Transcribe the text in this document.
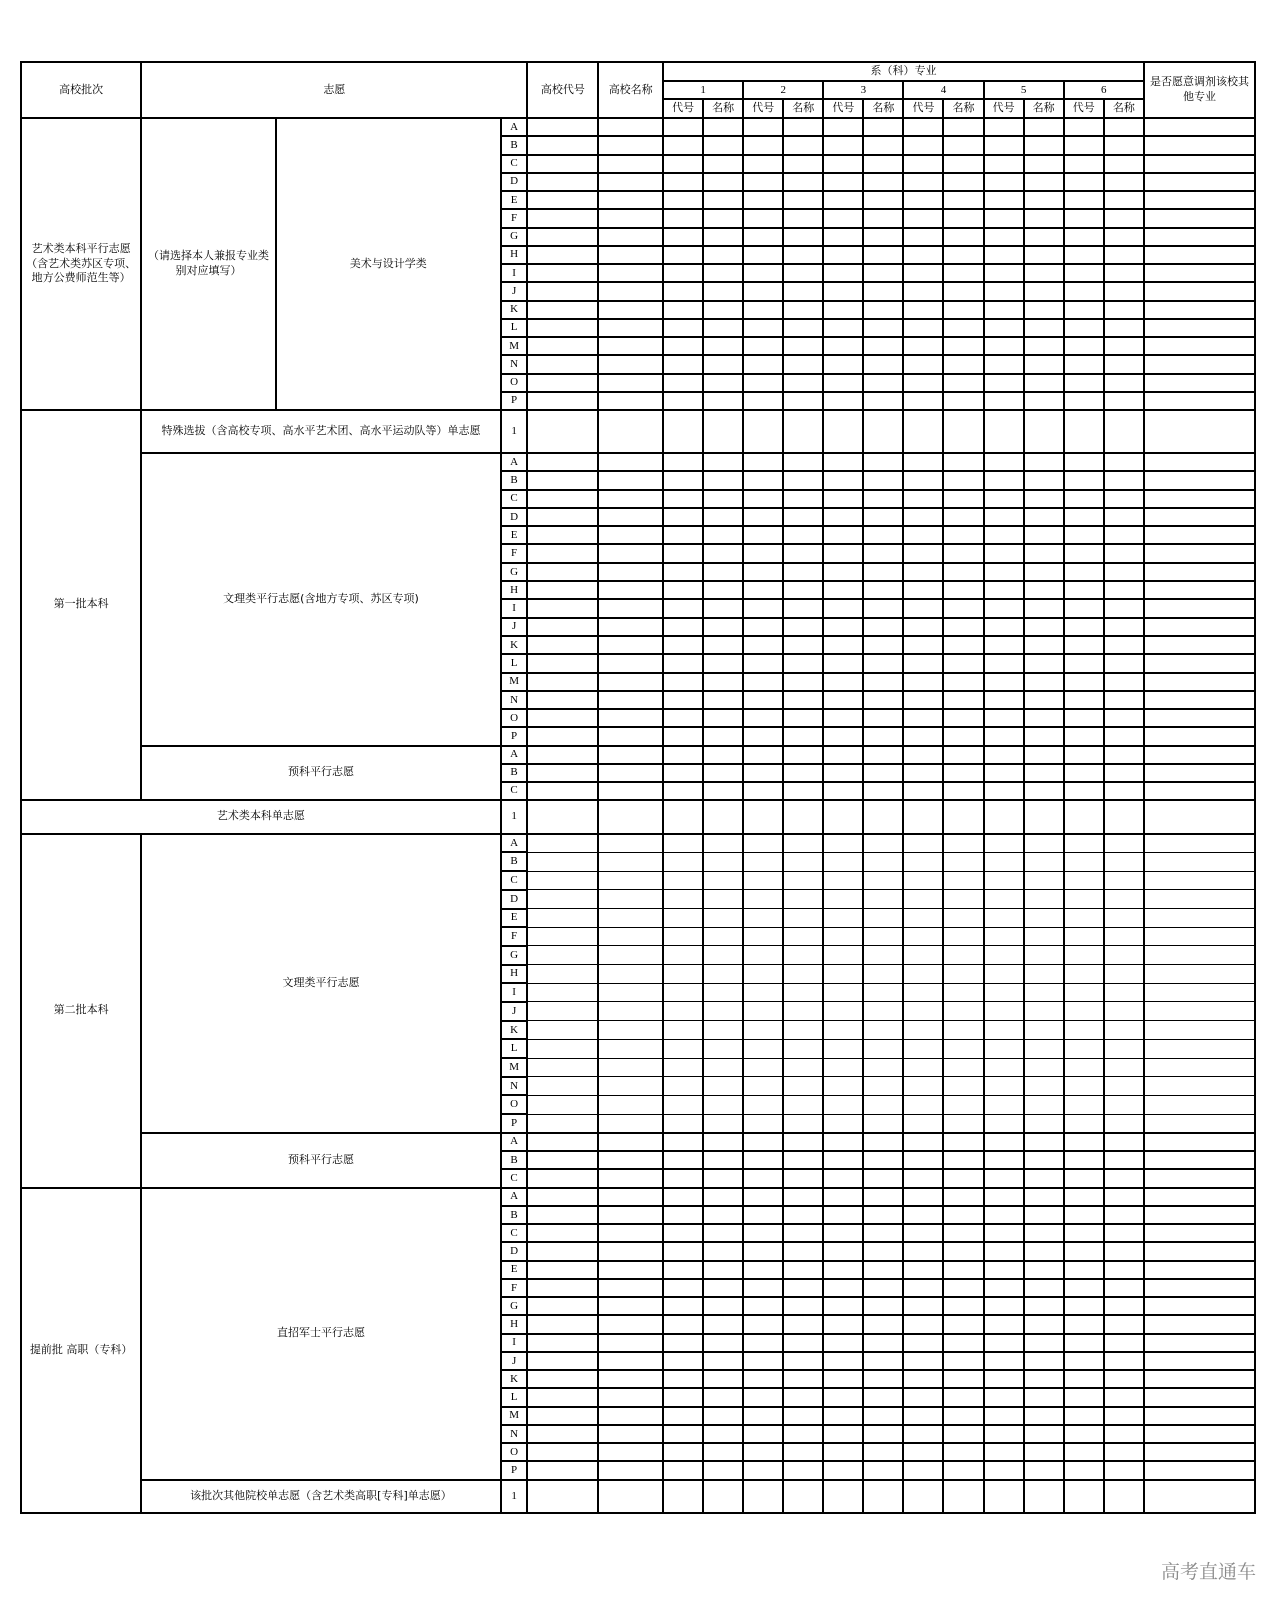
高校批次	志愿			高校代号	高校名称	系（科）专业												是否愿意调剂该校其他专业

						1		2		3		4		5		6		
						代号	名称	代号	名称	代号	名称	代号	名称	代号	名称	代号	名称	

艺术类本科平行志愿（含艺术类苏区专项、地方公费师范生等）	（请选择本人兼报专业类别对应填写）	美术与设计学类	A															
			B															
			C															
			D															
			E															
			F															
			G															
			H															
			I															
			J															
			K															
			L															
			M															
			N															
			O															
			P															

第一批本科	特殊选拔（含高校专项、高水平艺术团、高水平运动队等）单志愿		1															

	文理类平行志愿(含地方专项、苏区专项)		A															
			B															
			C															
			D															
			E															
			F															
			G															
			H															
			I															
			J															
			K															
			L															
			M															
			N															
			O															
			P															

	预科平行志愿		A															
			B															
			C															

艺术类本科单志愿			1															

第二批本科	文理类平行志愿		A															
			B															
			C															
			D															
			E															
			F															
			G															
			H															
			I															
			J															
			K															
			L															
			M															
			N															
			O															
			P															

	预科平行志愿		A															
			B															
			C															

提前批 高职（专科）	直招军士平行志愿		A															
			B															
			C															
			D															
			E															
			F															
			G															
			H															
			I															
			J															
			K															
			L															
			M															
			N															
			O															
			P															

	该批次其他院校单志愿（含艺术类高职[专科]单志愿）		1															
高考直通车
